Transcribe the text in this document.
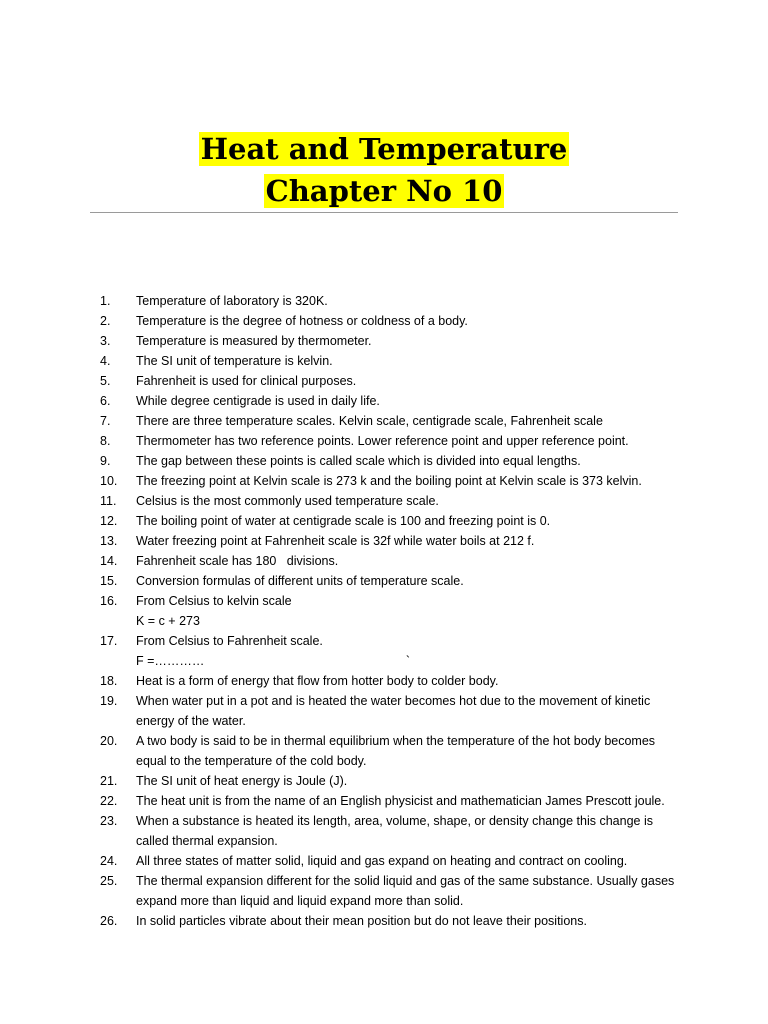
Heat and Temperature
Chapter No 10
1.	Temperature of laboratory is 320K.
2.	Temperature is the degree of hotness or coldness of a body.
3.	Temperature is measured by thermometer.
4.	The SI unit of temperature is kelvin.
5.	Fahrenheit is used for clinical purposes.
6.	While degree centigrade is used in daily life.
7.	There are three temperature scales. Kelvin scale, centigrade scale, Fahrenheit scale
8.	Thermometer has two reference points. Lower reference point and upper reference point.
9.	The gap between these points is called scale which is divided into equal lengths.
10.	The freezing point at Kelvin scale is 273 k and the boiling point at Kelvin scale is 373 kelvin.
11.	Celsius is the most commonly used temperature scale.
12.	The boiling point of water at centigrade scale is 100 and freezing point is 0.
13.	Water freezing point at Fahrenheit scale is 32f while water boils at 212 f.
14.	Fahrenheit scale has 180   divisions.
15.	Conversion formulas of different units of temperature scale.
16.	From Celsius to kelvin scale
K = c + 273
17.	From Celsius to Fahrenheit scale.
F =…………                                                          `
18.	Heat is a form of energy that flow from hotter body to colder body.
19.	When water put in a pot and is heated the water becomes hot due to the movement of kinetic
energy of the water.
20.	A two body is said to be in thermal equilibrium when the temperature of the hot body becomes
equal to the temperature of the cold body.
21.	The SI unit of heat energy is Joule (J).
22.	The heat unit is from the name of an English physicist and mathematician James Prescott joule.
23.	When a substance is heated its length, area, volume, shape, or density change this change is
called thermal expansion.
24.	All three states of matter solid, liquid and gas expand on heating and contract on cooling.
25.	The thermal expansion different for the solid liquid and gas of the same substance. Usually gases
expand more than liquid and liquid expand more than solid.
26.	In solid particles vibrate about their mean position but do not leave their positions.
